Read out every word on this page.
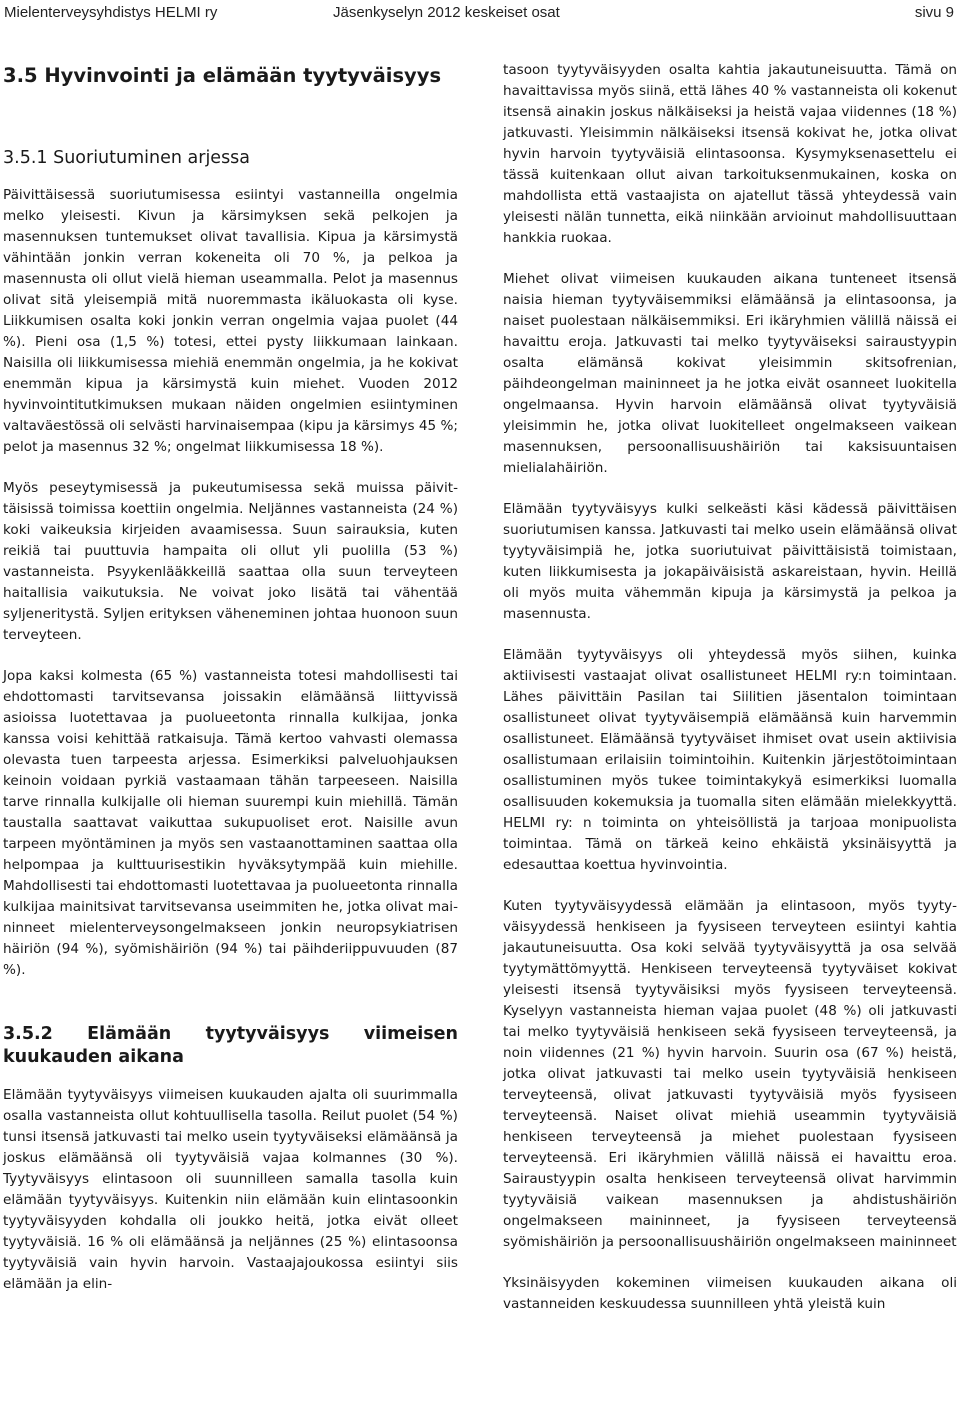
Mielenterveysyhdistys HELMI ry	Jäsenkyselyn 2012 keskeiset osat	sivu 9
3.5 Hyvinvointi ja elämään tyytyväisyys
3.5.1 Suoriutuminen arjessa

Päivittäisessä suoriutumisessa esiintyi vastanneilla ongelmia melko yleisesti. Kivun ja kärsimyksen sekä pelkojen ja masennuksen tuntemukset olivat tavallisia. Kipua ja kärsimystä vähintään jonkin verran kokeneita oli 70 %, ja pelkoa ja masennusta oli ollut vielä hieman useammalla. Pelot ja masennus olivat sitä yleisempiä mitä nuoremmasta ikäluokasta oli kyse. Liikkumisen osalta koki jonkin verran ongelmia vajaa puolet (44 %). Pieni osa (1,5 %) totesi, ettei pysty liikkumaan lainkaan. Naisilla oli liikkumisessa miehiä enemmän ongelmia, ja he kokivat enemmän kipua ja kärsimystä kuin miehet. Vuoden 2012 hyvinvointitutkimuksen mukaan näiden ongelmien esiintyminen valtaväestössä oli selvästi harvinaisempaa (kipu ja kärsimys 45 %; pelot ja masennus 32 %; ongelmat liikkumisessa 18 %).

Myös peseytymisessä ja pukeutumisessa sekä muissa päivittäisissä toimissa koettiin ongelmia. Neljännes vastanneista (24 %) koki vaikeuksia kirjeiden avaamisessa. Suun sairauksia, kuten reikiä tai puuttuvia hampaita oli ollut yli puolilla (53 %) vastanneista. Psyykenlääkkeillä saattaa olla suun terveyteen haitallisia vaikutuksia. Ne voivat joko lisätä tai vähentää syljeneritystä. Syljen erityksen väheneminen johtaa huonoon suun terveyteen.

Jopa kaksi kolmesta (65 %) vastanneista totesi mahdollisesti tai ehdottomasti tarvitsevansa joissakin elämäänsä liittyvissä asioissa luotettavaa ja puolueetonta rinnalla kulkijaa, jonka kanssa voisi kehittää ratkaisuja. Tämä kertoo vahvasti olemassa olevasta tuen tarpeesta arjessa. Esimerkiksi palveluohjauksen keinoin voidaan pyrkiä vastaamaan tähän tarpeeseen. Naisilla tarve rinnalla kulkijalle oli hieman suurempi kuin miehillä. Tämän taustalla saattavat vaikuttaa sukupuoliset erot. Naisille avun tarpeen myöntäminen ja myös sen vastaanottaminen saattaa olla helpompaa ja kulttuurisestikin hyväksytympää kuin miehille. Mahdollisesti tai ehdottomasti luotettavaa ja puolueetonta rinnalla kulkijaa mainitsivat tarvitsevansa useimmiten he, jotka olivat maininneet mielenterveysongelmakseen jonkin neuropsykiatrisen häiriön (94 %), syömishäiriön (94 %) tai päihderiippuvuuden (87 %).

3.5.2 Elämään tyytyväisyys viimeisen kuukauden aikana

Elämään tyytyväisyys viimeisen kuukauden ajalta oli suurimmalla osalla vastanneista ollut kohtuullisella tasolla. Reilut puolet (54 %) tunsi itsensä jatkuvasti tai melko usein tyytyväiseksi elämäänsä ja joskus elämäänsä oli tyytyväisiä vajaa kolmannes (30 %). Tyytyväisyys elintasoon oli suunnilleen samalla tasolla kuin elämään tyytyväisyys. Kuitenkin niin elämään kuin elintasoonkin tyytyväisyyden kohdalla oli joukko heitä, jotka eivät olleet tyytyväisiä. 16 % oli elämäänsä ja neljännes (25 %) elintasoonsa tyytyväisiä vain hyvin harvoin. Vastaajajoukossa esiintyi siis elämään ja elin-

tasoon tyytyväisyyden osalta kahtia jakautuneisuutta. Tämä on havaittavissa myös siinä, että lähes 40 % vastanneista oli kokenut itsensä ainakin joskus nälkäiseksi ja heistä vajaa viidennes (18 %) jatkuvasti. Yleisimmin nälkäiseksi itsensä kokivat he, jotka olivat hyvin harvoin tyytyväisiä elintasoonsa. Kysymyksenasettelu ei tässä kuitenkaan ollut aivan tarkoituksenmukainen, koska on mahdollista että vastaajista on ajatellut tässä yhteydessä vain yleisesti nälän tunnetta, eikä niinkään arvioinut mahdollisuuttaan hankkia ruokaa.

Miehet olivat viimeisen kuukauden aikana tunteneet itsensä naisia hieman tyytyväisemmiksi elämäänsä ja elintasoonsa, ja naiset puolestaan nälkäisemmiksi. Eri ikäryhmien välillä näissä ei havaittu eroja. Jatkuvasti tai melko tyytyväiseksi sairaustyypin osalta elämänsä kokivat yleisimmin skitsofrenian, päihdeongelman maininneet ja he jotka eivät osanneet luokitella ongelmaansa. Hyvin harvoin elämäänsä olivat tyytyväisiä yleisimmin he, jotka olivat luokitelleet ongelmakseen vaikean masennuksen, persoonallisuushäiriön tai kaksisuuntaisen mielialahäiriön.

Elämään tyytyväisyys kulki selkeästi käsi kädessä päivittäisen suoriutumisen kanssa. Jatkuvasti tai melko usein elämäänsä olivat tyytyväisimpiä he, jotka suoriutuivat päivittäisistä toimistaan, kuten liikkumisesta ja jokapäiväisistä askareistaan, hyvin. Heillä oli myös muita vähemmän kipuja ja kärsimystä ja pelkoa ja masennusta.

Elämään tyytyväisyys oli yhteydessä myös siihen, kuinka aktiivisesti vastaajat olivat osallistuneet HELMI ry:n toimintaan. Lähes päivittäin Pasilan tai Siilitien jäsentalon toimintaan osallistuneet olivat tyytyväisempiä elämäänsä kuin harvemmin osallistuneet. Elämäänsä tyytyväiset ihmiset ovat usein aktiivisia osallistumaan erilaisiin toimintoihin. Kuitenkin järjestötoimintaan osallistuminen myös tukee toimintakykyä esimerkiksi luomalla osallisuuden kokemuksia ja tuomalla siten elämään mielekkyyttä. HELMI ry: n toiminta on yhteisöllistä ja tarjoaa monipuolista toimintaa. Tämä on tärkeä keino ehkäistä yksinäisyyttä ja edesauttaa koettua hyvinvointia.

Kuten tyytyväisyydessä elämään ja elintasoon, myös tyytyväisyydessä henkiseen ja fyysiseen terveyteen esiintyi kahtia jakautuneisuutta. Osa koki selvää tyytyväisyyttä ja osa selvää tyytymättömyyttä. Henkiseen terveyteensä tyytyväiset kokivat yleisesti itsensä tyytyväisiksi myös fyysiseen terveyteensä. Kyselyyn vastanneista hieman vajaa puolet (48 %) oli jatkuvasti tai melko tyytyväisiä henkiseen sekä fyysiseen terveyteensä, ja noin viidennes (21 %) hyvin harvoin. Suurin osa (67 %) heistä, jotka olivat jatkuvasti tai melko usein tyytyväisiä henkiseen terveyteensä, olivat jatkuvasti tyytyväisiä myös fyysiseen terveyteensä. Naiset olivat miehiä useammin tyytyväisiä henkiseen terveyteensä ja miehet puolestaan fyysiseen terveyteensä. Eri ikäryhmien välillä näissä ei havaittu eroa. Sairaustyypin osalta henkiseen terveyteensä olivat harvimmin tyytyväisiä vaikean masennuksen ja ahdistushäiriön ongelmakseen maininneet, ja fyysiseen terveyteensä syömishäiriön ja persoonallisuushäiriön ongelmakseen maininneet

Yksinäisyyden kokeminen viimeisen kuukauden aikana oli vastanneiden keskuudessa suunnilleen yhtä yleistä kuin
